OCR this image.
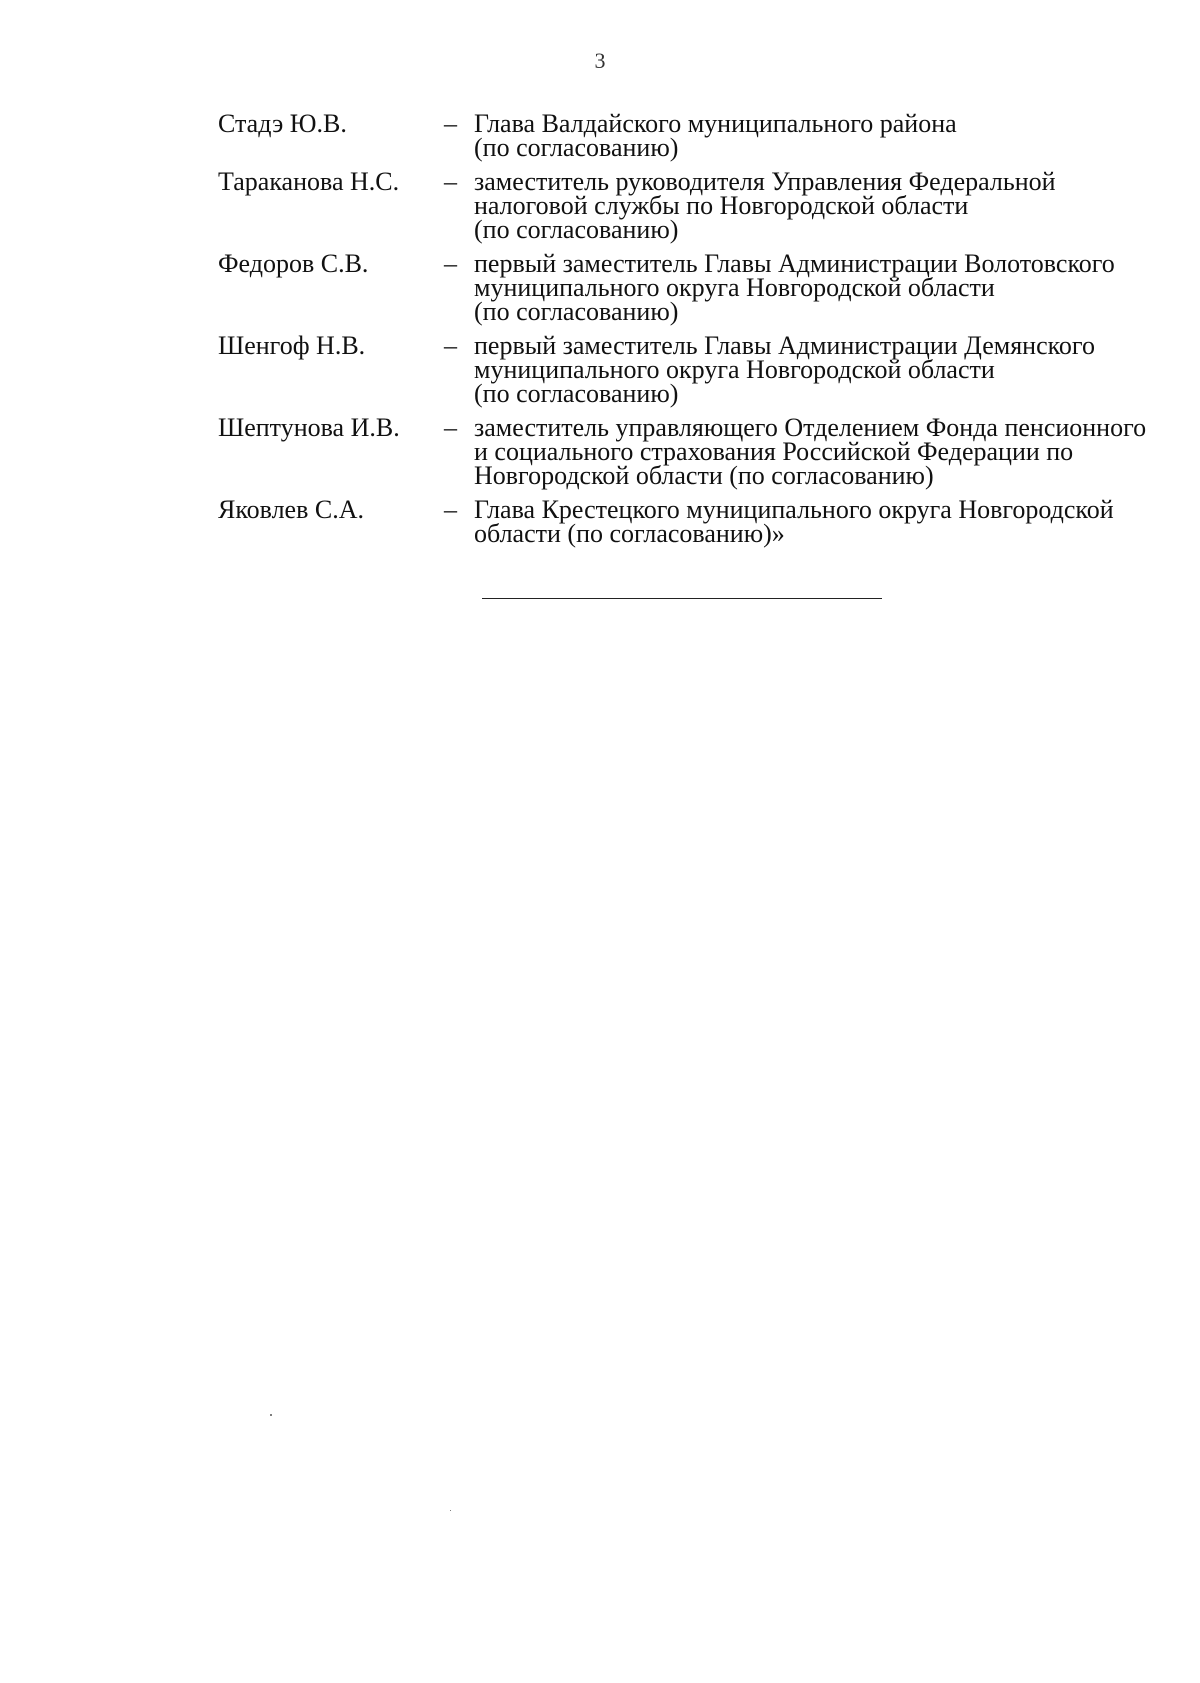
3
Стадэ Ю.В.	– Глава Валдайского муниципального района
(по согласованию)
Тараканова Н.С.	– заместитель руководителя Управления Федеральной
налоговой службы по Новгородской области
(по согласованию)
Федоров С.В.	– первый заместитель Главы Администрации Волотовского
муниципального округа Новгородской области
(по согласованию)
Шенгоф Н.В.	– первый заместитель Главы Администрации Демянского
муниципального округа Новгородской области
(по согласованию)
Шептунова И.В.	– заместитель управляющего Отделением Фонда пенсионного
и социального страхования Российской Федерации по
Новгородской области (по согласованию)
Яковлев С.А.	– Глава Крестецкого муниципального округа Новгородской
области (по согласованию)»
